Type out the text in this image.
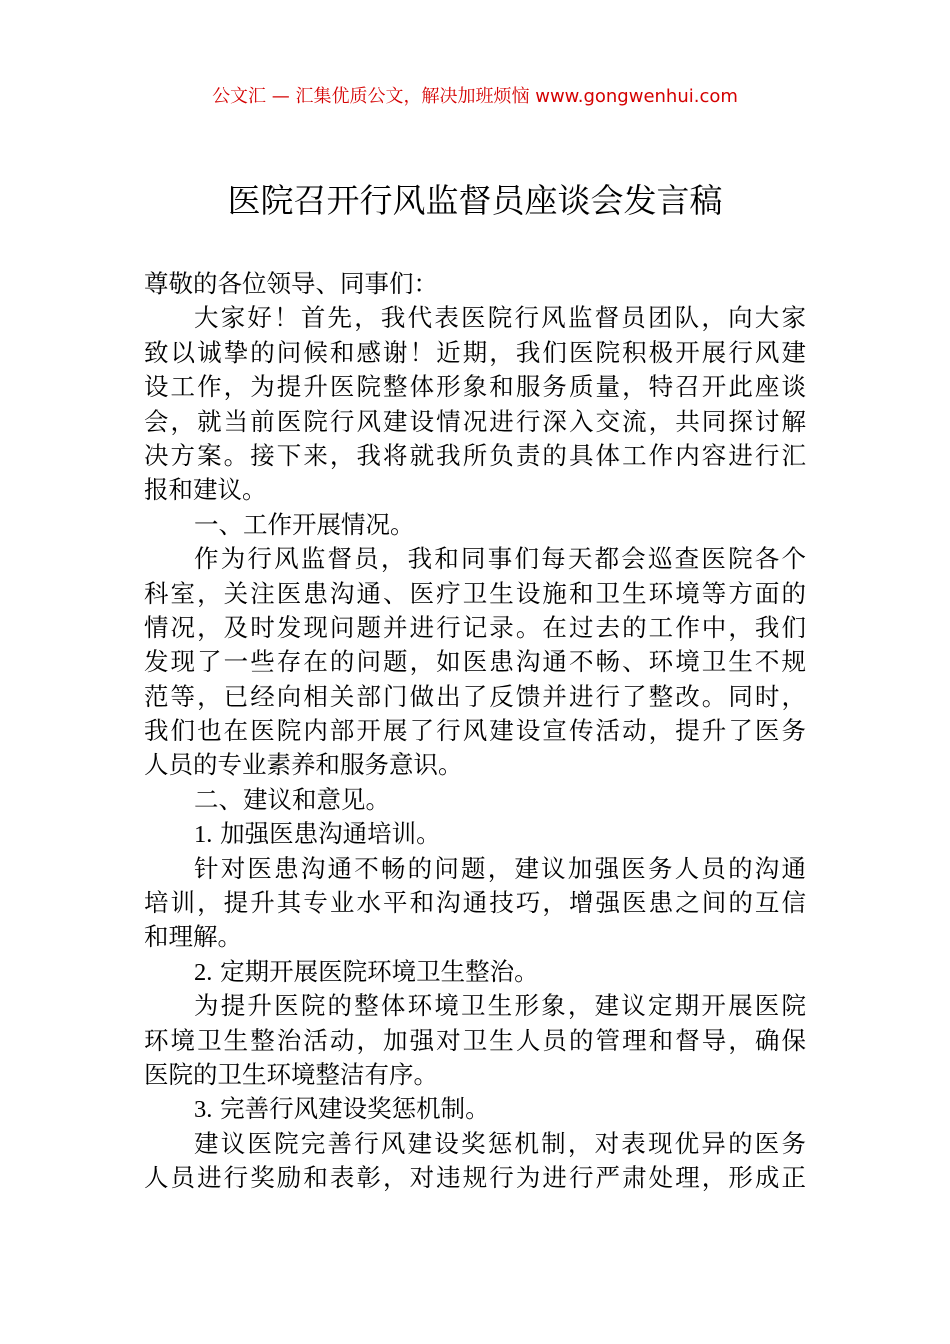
公文汇 — 汇集优质公文，解决加班烦恼 www.gongwenhui.com
医院召开行风监督员座谈会发言稿
尊敬的各位领导、同事们：
大家好！首先，我代表医院行风监督员团队，向大家
致以诚挚的问候和感谢！近期，我们医院积极开展行风建
设工作，为提升医院整体形象和服务质量，特召开此座谈
会，就当前医院行风建设情况进行深入交流，共同探讨解
决方案。接下来，我将就我所负责的具体工作内容进行汇
报和建议。
一、工作开展情况。
作为行风监督员，我和同事们每天都会巡查医院各个
科室，关注医患沟通、医疗卫生设施和卫生环境等方面的
情况，及时发现问题并进行记录。在过去的工作中，我们
发现了一些存在的问题，如医患沟通不畅、环境卫生不规
范等，已经向相关部门做出了反馈并进行了整改。同时，
我们也在医院内部开展了行风建设宣传活动，提升了医务
人员的专业素养和服务意识。
二、建议和意见。
1. 加强医患沟通培训。
针对医患沟通不畅的问题，建议加强医务人员的沟通
培训，提升其专业水平和沟通技巧，增强医患之间的互信
和理解。
2. 定期开展医院环境卫生整治。
为提升医院的整体环境卫生形象，建议定期开展医院
环境卫生整治活动，加强对卫生人员的管理和督导，确保
医院的卫生环境整洁有序。
3. 完善行风建设奖惩机制。
建议医院完善行风建设奖惩机制，对表现优异的医务
人员进行奖励和表彰，对违规行为进行严肃处理，形成正
